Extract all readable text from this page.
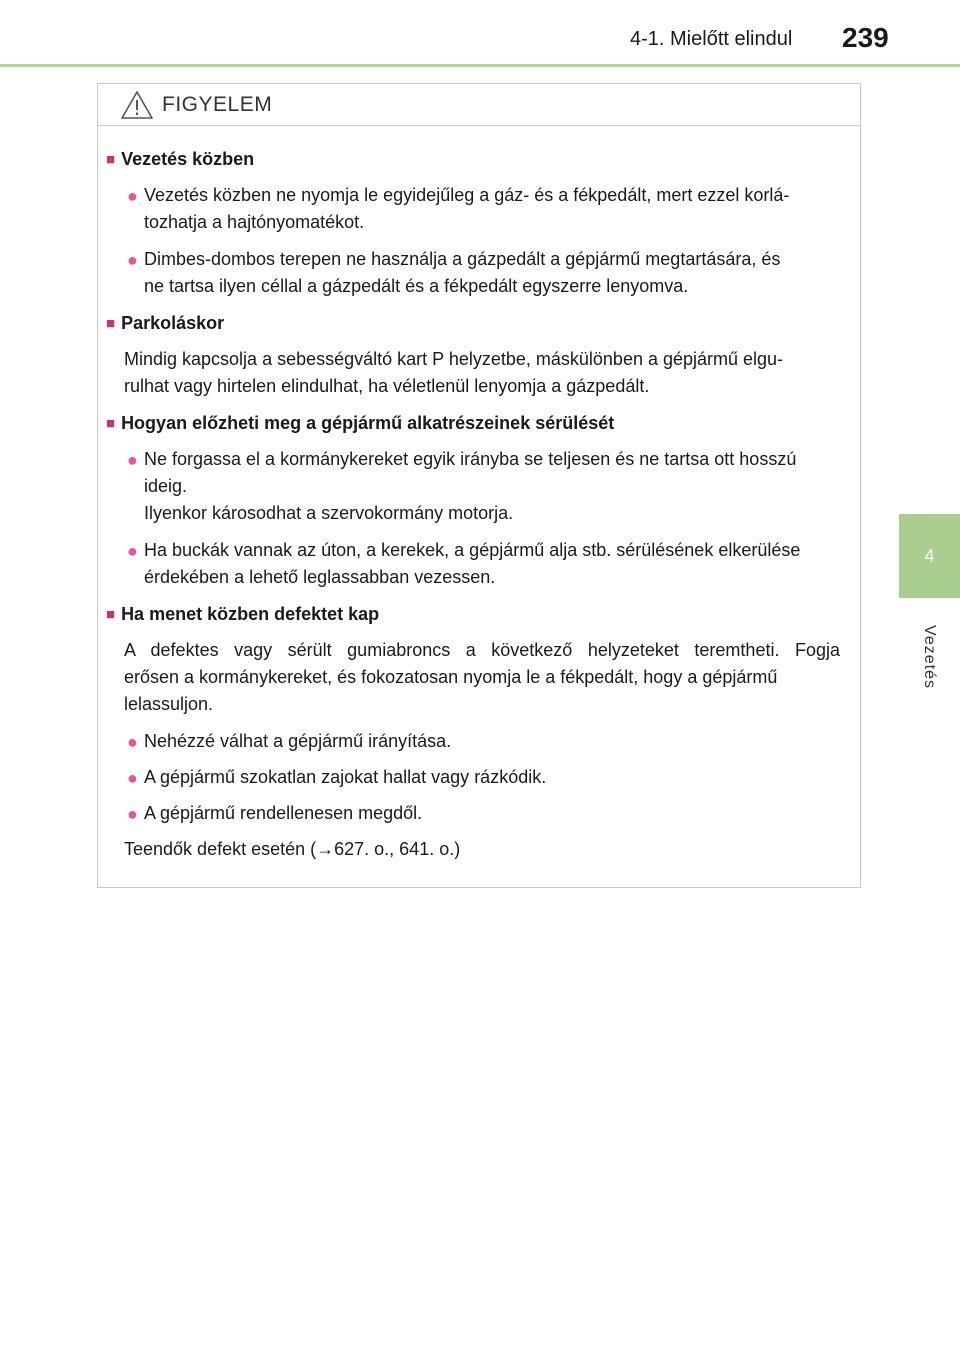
4-1. Mielőtt elindul 239
4
Vezetés
FIGYELEM
■ Vezetés közben
● Vezetés közben ne nyomja le egyidejűleg a gáz- és a fékpedált, mert ezzel korlá-
tozhatja a hajtónyomatékot.
● Dimbes-dombos terepen ne használja a gázpedált a gépjármű megtartására, és
ne tartsa ilyen céllal a gázpedált és a fékpedált egyszerre lenyomva.
■ Parkoláskor
Mindig kapcsolja a sebességváltó kart P helyzetbe, máskülönben a gépjármű elgu-
rulhat vagy hirtelen elindulhat, ha véletlenül lenyomja a gázpedált.
■ Hogyan előzheti meg a gépjármű alkatrészeinek sérülését
● Ne forgassa el a kormánykereket egyik irányba se teljesen és ne tartsa ott hosszú
ideig.
Ilyenkor károsodhat a szervokormány motorja.
● Ha buckák vannak az úton, a kerekek, a gépjármű alja stb. sérülésének elkerülése
érdekében a lehető leglassabban vezessen.
■ Ha menet közben defektet kap
A defektes vagy sérült gumiabroncs a következő helyzeteket teremtheti. Fogja
erősen a kormánykereket, és fokozatosan nyomja le a fékpedált, hogy a gépjármű
lelassuljon.
● Nehézzé válhat a gépjármű irányítása.
● A gépjármű szokatlan zajokat hallat vagy rázkódik.
● A gépjármű rendellenesen megdől.
Teendők defekt esetén (→627. o., 641. o.)
